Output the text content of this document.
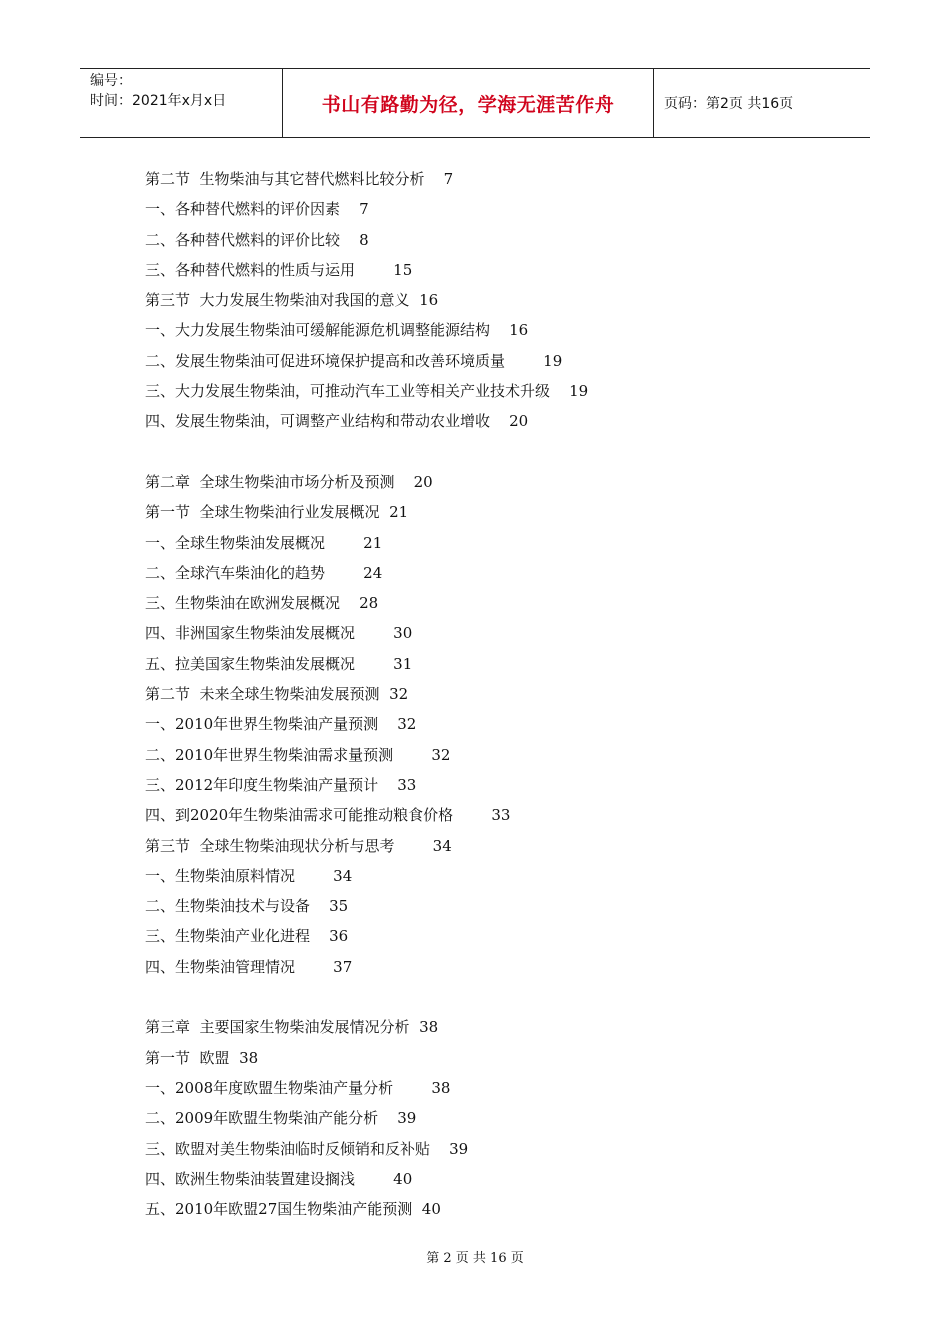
编号：
时间：2021年x月x日	书山有路勤为径，学海无涯苦作舟	页码：第2页 共16页
第二节  生物柴油与其它替代燃料比较分析    7
一、各种替代燃料的评价因素    7
二、各种替代燃料的评价比较    8
三、各种替代燃料的性质与运用        15
第三节  大力发展生物柴油对我国的意义  16
一、大力发展生物柴油可缓解能源危机调整能源结构    16
二、发展生物柴油可促进环境保护提高和改善环境质量        19
三、大力发展生物柴油，可推动汽车工业等相关产业技术升级    19
四、发展生物柴油，可调整产业结构和带动农业增收    20
第二章  全球生物柴油市场分析及预测    20
第一节  全球生物柴油行业发展概况  21
一、全球生物柴油发展概况        21
二、全球汽车柴油化的趋势        24
三、生物柴油在欧洲发展概况    28
四、非洲国家生物柴油发展概况        30
五、拉美国家生物柴油发展概况        31
第二节  未来全球生物柴油发展预测  32
一、2010年世界生物柴油产量预测    32
二、2010年世界生物柴油需求量预测        32
三、2012年印度生物柴油产量预计    33
四、到2020年生物柴油需求可能推动粮食价格        33
第三节  全球生物柴油现状分析与思考        34
一、生物柴油原料情况        34
二、生物柴油技术与设备    35
三、生物柴油产业化进程    36
四、生物柴油管理情况        37
第三章  主要国家生物柴油发展情况分析  38
第一节  欧盟  38
一、2008年度欧盟生物柴油产量分析        38
二、2009年欧盟生物柴油产能分析    39
三、欧盟对美生物柴油临时反倾销和反补贴    39
四、欧洲生物柴油装置建设搁浅        40
五、2010年欧盟27国生物柴油产能预测  40
第 2 页 共 16 页
